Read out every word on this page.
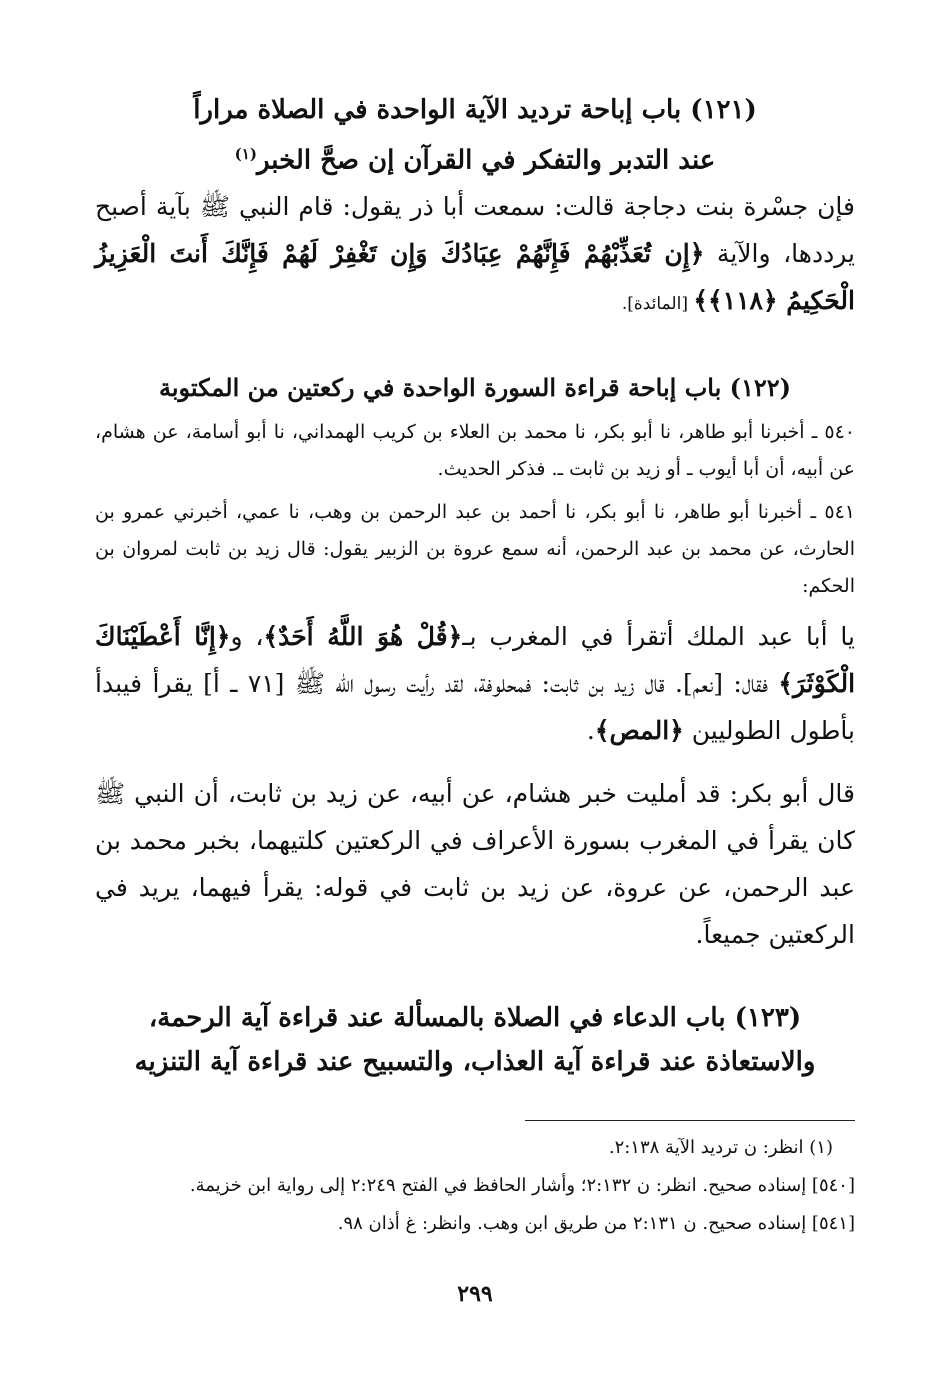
(١٢١) باب إباحة ترديد الآية الواحدة في الصلاة مراراً
عند التدبر والتفكر في القرآن إن صحَّ الخبر$^{(١)}$

فإن جسْرة بنت دجاجة قالت: سمعت أبا ذر يقول: قام النبي ﷺ بآية أصبح يرددها، والآية ﴿إِن تُعَذِّبْهُمْ فَإِنَّهُمْ عِبَادُكَ وَإِن تَغْفِرْ لَهُمْ فَإِنَّكَ أَنتَ الْعَزِيزُ الْحَكِيمُ ﴿١١٨﴾﴾ [المائدة].

(١٢٢) باب إباحة قراءة السورة الواحدة في ركعتين من المكتوبة

٥٤٠ ـ أخبرنا أبو طاهر، نا أبو بكر، نا محمد بن العلاء بن كريب الهمداني، نا أبو أسامة، عن هشام، عن أبيه، أن أبا أيوب ـ أو زيد بن ثابت ـ. فذكر الحديث.

٥٤١ ـ أخبرنا أبو طاهر، نا أبو بكر، نا أحمد بن عبد الرحمن بن وهب، نا عمي، أخبرني عمرو بن الحارث، عن محمد بن عبد الرحمن، أنه سمع عروة بن الزبير يقول: قال زيد بن ثابت لمروان بن الحكم:

يا أبا عبد الملك أتقرأ في المغرب بـ﴿قُلْ هُوَ اللَّهُ أَحَدٌ﴾، و﴿إِنَّا أَعْطَيْنَاكَ الْكَوْثَرَ﴾ فقال: [نعم]. قال زيد بن ثابت: فمحلوفة، لقد رأيت رسول الله ﷺ [٧١ ـ أ] يقرأ فيبدأ بأطول الطوليين ﴿المص﴾.

قال أبو بكر: قد أمليت خبر هشام، عن أبيه، عن زيد بن ثابت، أن النبي ﷺ كان يقرأ في المغرب بسورة الأعراف في الركعتين كلتيهما، بخبر محمد بن عبد الرحمن، عن عروة، عن زيد بن ثابت في قوله: يقرأ فيهما، يريد في الركعتين جميعاً.

(١٢٣) باب الدعاء في الصلاة بالمسألة عند قراءة آية الرحمة،
والاستعاذة عند قراءة آية العذاب، والتسبيح عند قراءة آية التنزيه

(١) انظر: ن ترديد الآية ٢:١٣٨.

[٥٤٠] إسناده صحيح. انظر: ن ٢:١٣٢؛ وأشار الحافظ في الفتح ٢:٢٤٩ إلى رواية ابن خزيمة.

[٥٤١] إسناده صحيح. ن ٢:١٣١ من طريق ابن وهب. وانظر: غ أذان ٩٨.

٢٩٩
